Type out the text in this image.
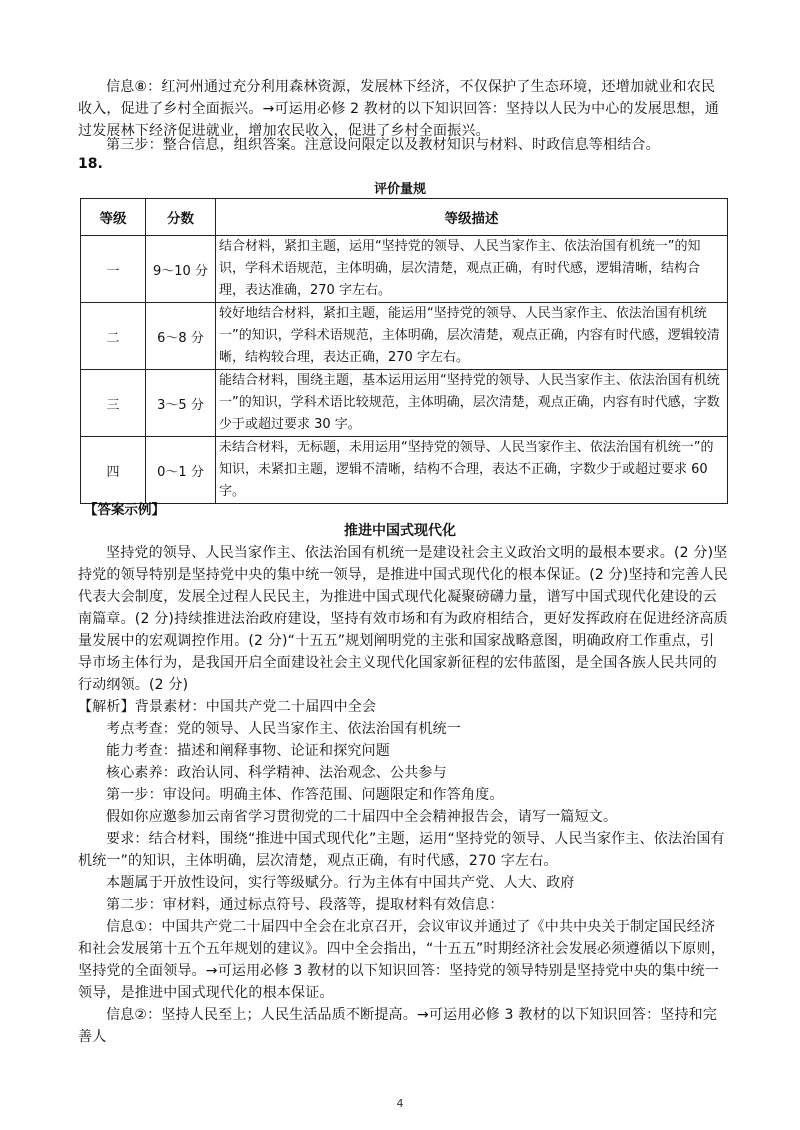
信息⑧：红河州通过充分利用森林资源，发展林下经济，不仅保护了生态环境，还增加就业和农民收入，促进了乡村全面振兴。→可运用必修 2 教材的以下知识回答：坚持以人民为中心的发展思想，通过发展林下经济促进就业，增加农民收入，促进了乡村全面振兴。

第三步：整合信息，组织答案。注意设问限定以及教材知识与材料、时政信息等相结合。

18.
评价量规
等级	分数	等级描述
一	9～10 分	结合材料，紧扣主题，运用“坚持党的领导、人民当家作主、依法治国有机统一”的知识，学科术语规范，主体明确，层次清楚，观点正确，有时代感，逻辑清晰，结构合理，表达准确，270 字左右。
二	6～8 分	较好地结合材料，紧扣主题，能运用“坚持党的领导、人民当家作主、依法治国有机统一”的知识，学科术语规范，主体明确，层次清楚，观点正确，内容有时代感，逻辑较清晰，结构较合理，表达正确，270 字左右。
三	3～5 分	能结合材料，围绕主题，基本运用运用“坚持党的领导、人民当家作主、依法治国有机统一”的知识，学科术语比较规范，主体明确，层次清楚，观点正确，内容有时代感，字数少于或超过要求 30 字。
四	0～1 分	未结合材料，无标题，未用运用“坚持党的领导、人民当家作主、依法治国有机统一”的知识，未紧扣主题，逻辑不清晰，结构不合理，表达不正确，字数少于或超过要求 60 字。
【答案示例】
推进中国式现代化

坚持党的领导、人民当家作主、依法治国有机统一是建设社会主义政治文明的最根本要求。(2 分)坚持党的领导特别是坚持党中央的集中统一领导，是推进中国式现代化的根本保证。(2 分)坚持和完善人民代表大会制度，发展全过程人民民主，为推进中国式现代化凝聚磅礴力量，谱写中国式现代化建设的云南篇章。(2 分)持续推进法治政府建设，坚持有效市场和有为政府相结合，更好发挥政府在促进经济高质量发展中的宏观调控作用。(2 分)“十五五”规划阐明党的主张和国家战略意图，明确政府工作重点，引导市场主体行为，是我国开启全面建设社会主义现代化国家新征程的宏伟蓝图，是全国各族人民共同的行动纲领。(2 分)

【解析】背景素材：中国共产党二十届四中全会

考点考查：党的领导、人民当家作主、依法治国有机统一

能力考查：描述和阐释事物、论证和探究问题

核心素养：政治认同、科学精神、法治观念、公共参与

第一步：审设问。明确主体、作答范围、问题限定和作答角度。

假如你应邀参加云南省学习贯彻党的二十届四中全会精神报告会，请写一篇短文。

要求：结合材料，围绕“推进中国式现代化”主题，运用“坚持党的领导、人民当家作主、依法治国有机统一”的知识，主体明确，层次清楚，观点正确，有时代感，270 字左右。

本题属于开放性设问，实行等级赋分。行为主体有中国共产党、人大、政府

第二步：审材料，通过标点符号、段落等，提取材料有效信息：

信息①：中国共产党二十届四中全会在北京召开，会议审议并通过了《中共中央关于制定国民经济和社会发展第十五个五年规划的建议》。四中全会指出，“十五五”时期经济社会发展必须遵循以下原则，坚持党的全面领导。→可运用必修 3 教材的以下知识回答：坚持党的领导特别是坚持党中央的集中统一领导，是推进中国式现代化的根本保证。

信息②：坚持人民至上；人民生活品质不断提高。→可运用必修 3 教材的以下知识回答：坚持和完善人

4
